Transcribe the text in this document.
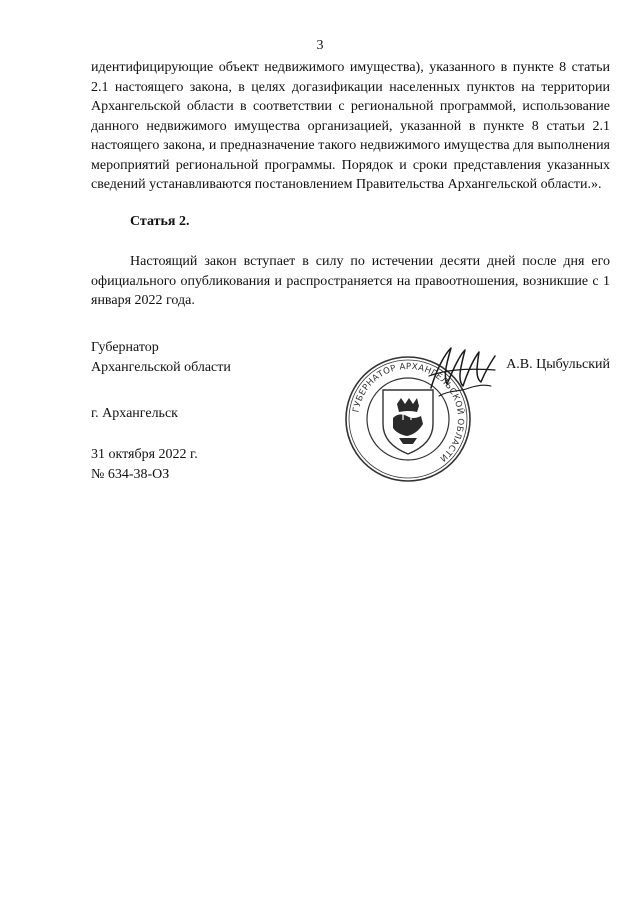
3

идентифицирующие объект недвижимого имущества), указанного в пункте 8 статьи 2.1 настоящего закона, в целях догазификации населенных пунктов на территории Архангельской области в соответствии с региональной программой, использование данного недвижимого имущества организацией, указанной в пункте 8 статьи 2.1 настоящего закона, и предназначение такого недвижимого имущества для выполнения мероприятий региональной программы. Порядок и сроки представления указанных сведений устанавливаются постановлением Правительства Архангельской области.».

Статья 2.

Настоящий закон вступает в силу по истечении десяти дней после дня его официального опубликования и распространяется на правоотношения, возникшие с 1 января 2022 года.

Губернатор
Архангельской области
ГУБЕРНАТОР АРХАНГЕЛЬСКОЙ ОБЛАСТИ
А.В. Цыбульский
г. Архангельск
31 октября 2022 г.
№ 634-38-ОЗ
